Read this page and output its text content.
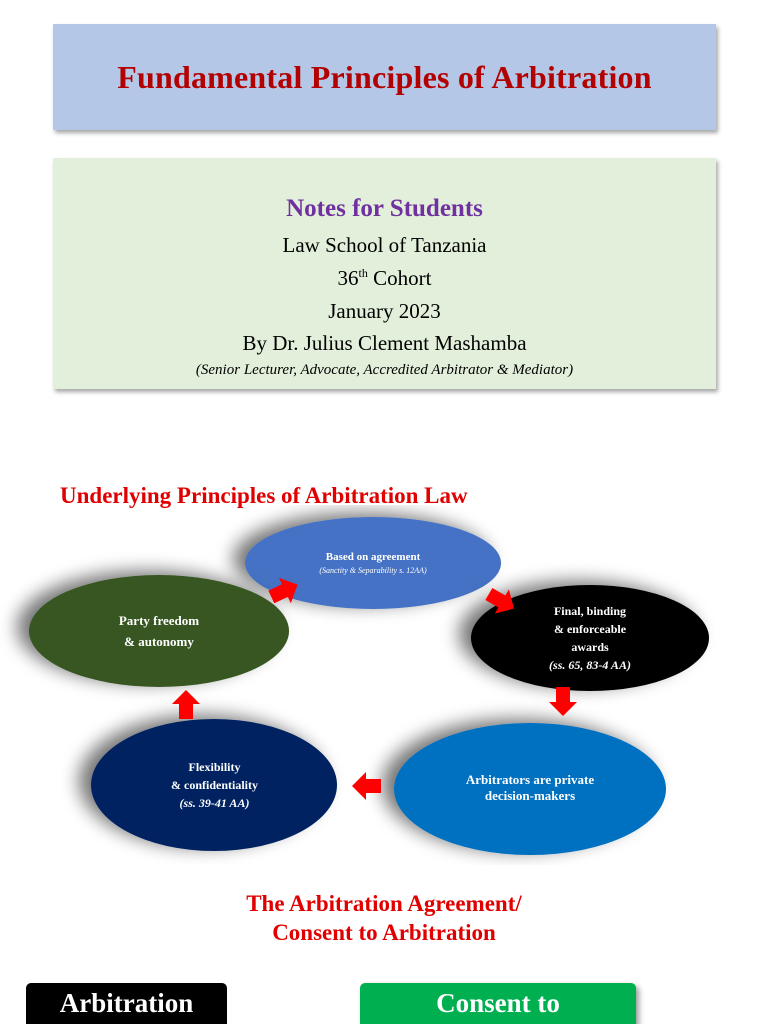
Fundamental Principles of Arbitration
Notes for Students
Law School of Tanzania
36th Cohort
January 2023
By Dr. Julius Clement Mashamba
(Senior Lecturer, Advocate, Accredited Arbitrator & Mediator)
Underlying Principles of Arbitration Law
Based on agreement
(Sanctity & Separability s. 12AA)
Final, binding
& enforceable
awards
(ss. 65, 83-4 AA)
Arbitrators are private
decision-makers
Flexibility
& confidentiality
(ss. 39-41 AA)
Party freedom
& autonomy
The Arbitration Agreement/
Consent to Arbitration
Arbitration	Consent to
